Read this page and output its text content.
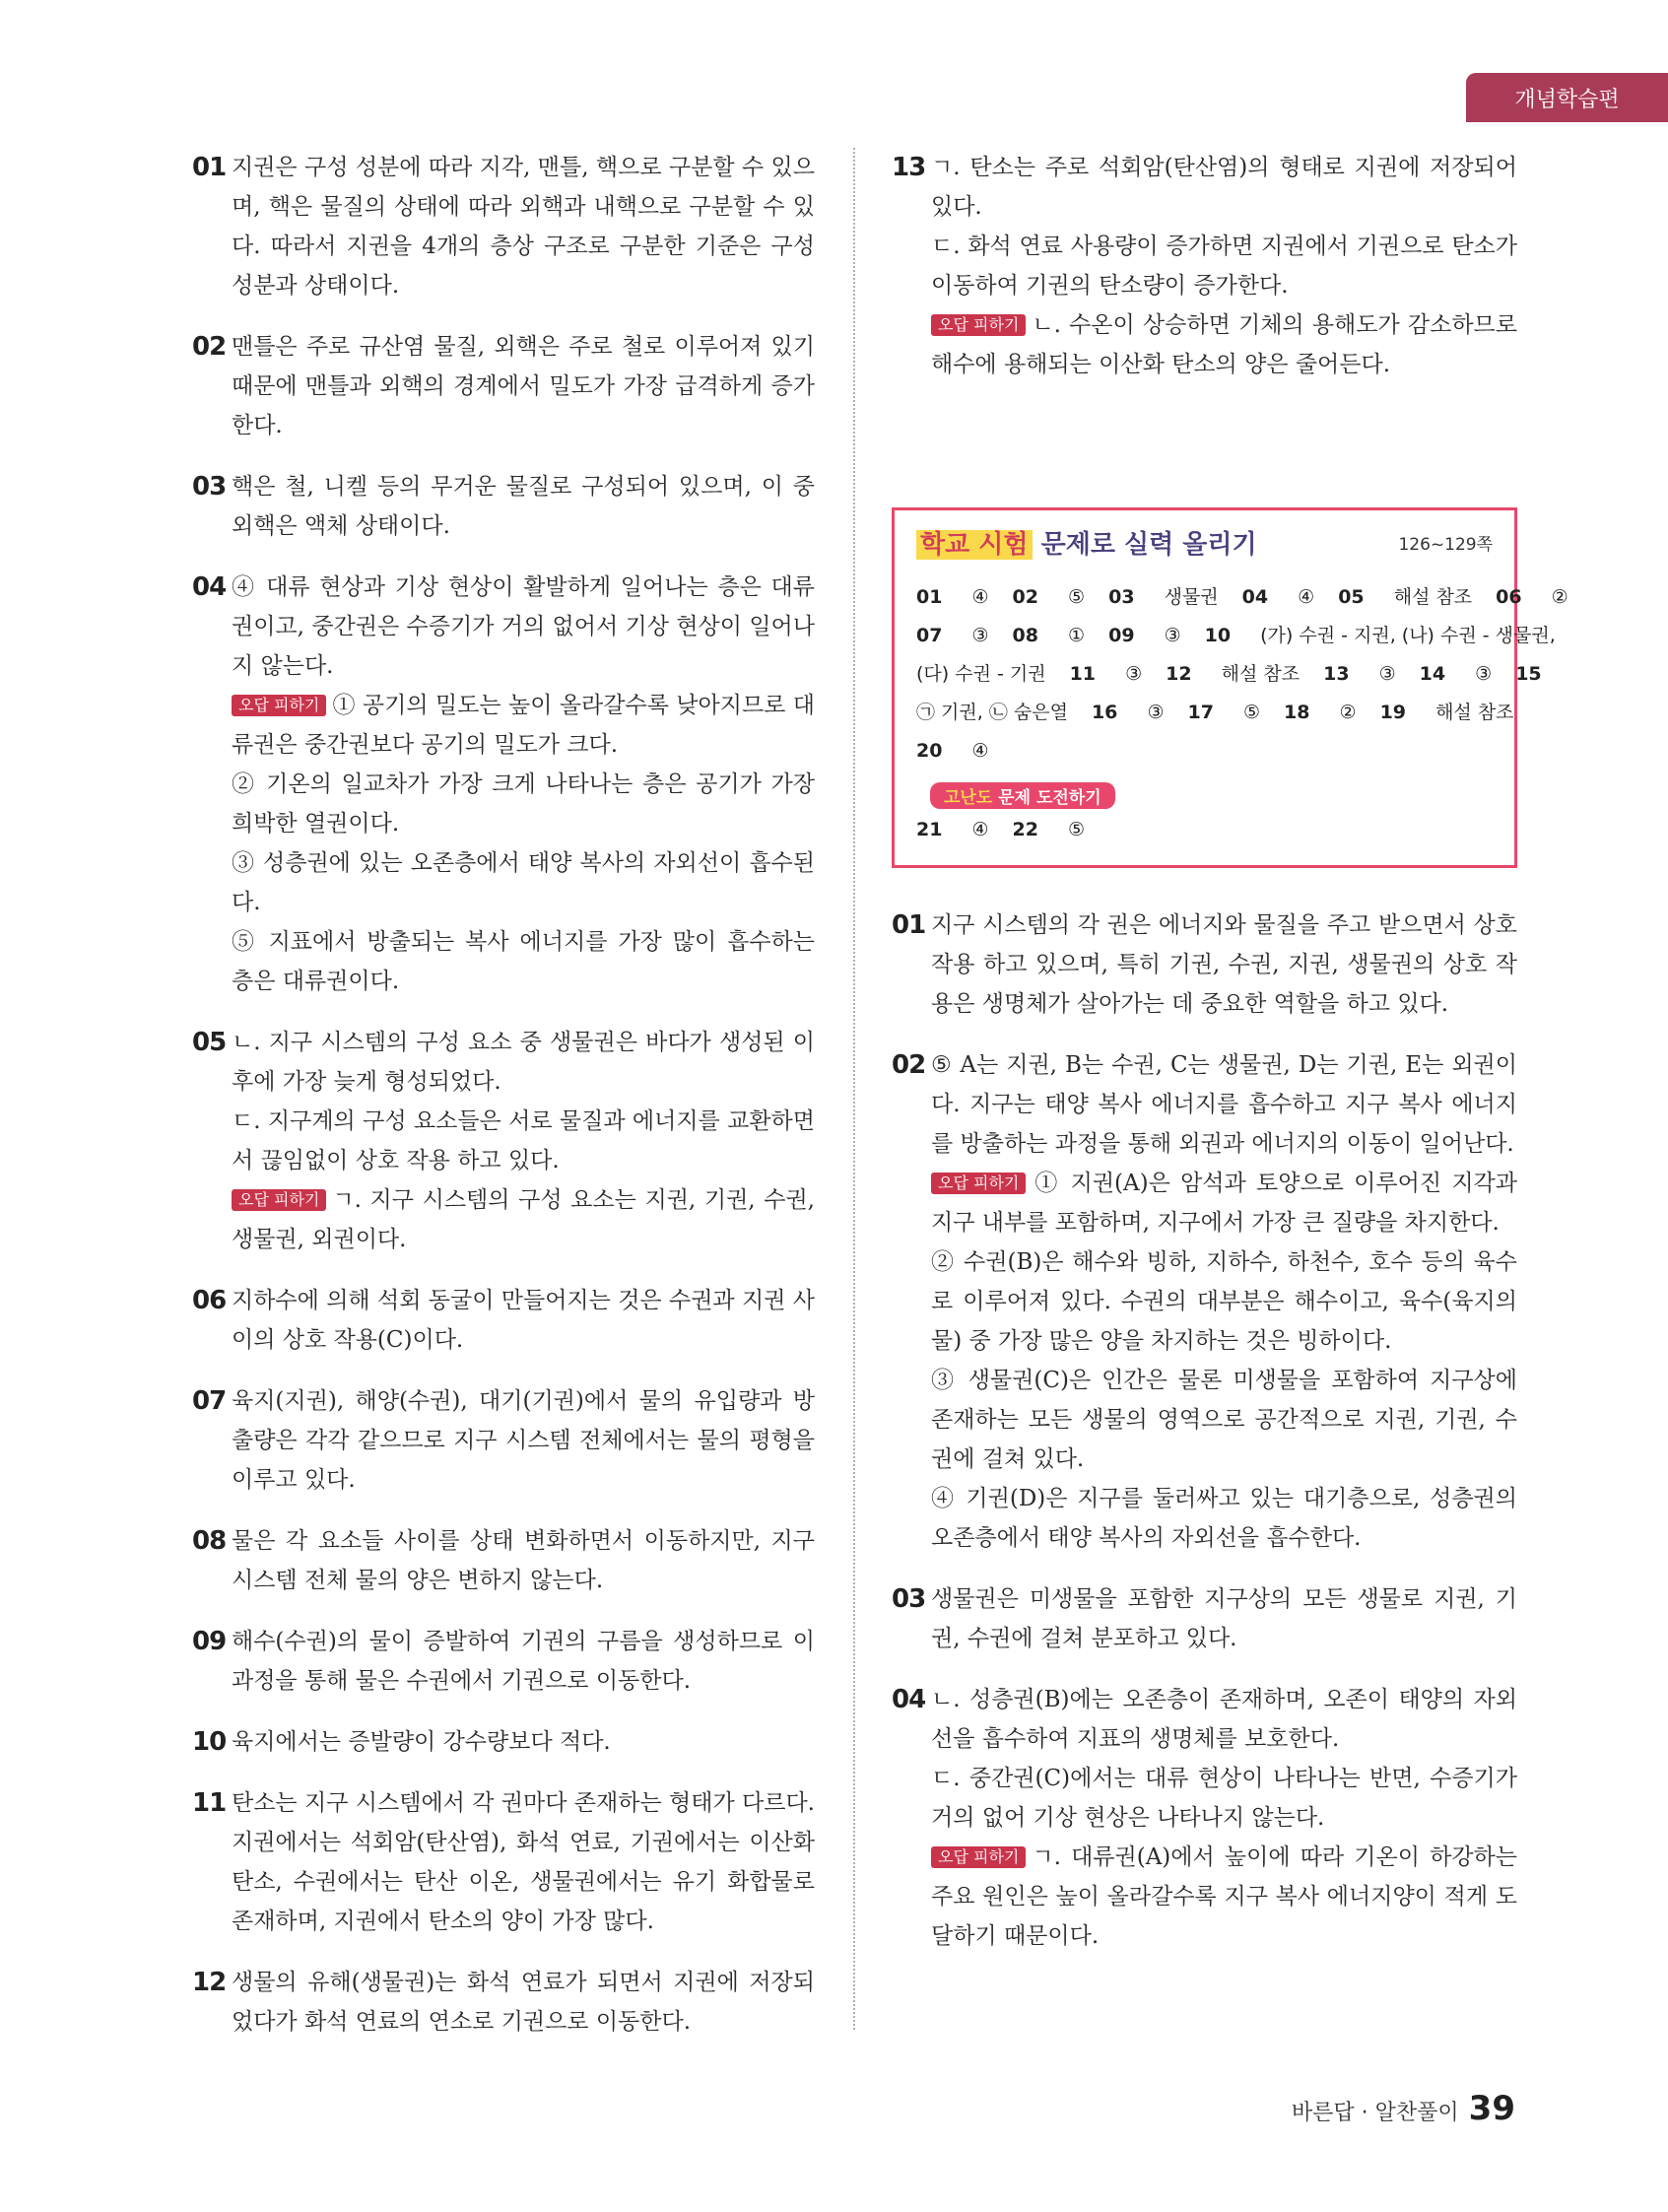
개념학습편
01 지권은 구성 성분에 따라 지각, 맨틀, 핵으로 구분할 수 있으며, 핵은 물질의 상태에 따라 외핵과 내핵으로 구분할 수 있다. 따라서 지권을 4개의 층상 구조로 구분한 기준은 구성 성분과 상태이다.

02 맨틀은 주로 규산염 물질, 외핵은 주로 철로 이루어져 있기 때문에 맨틀과 외핵의 경계에서 밀도가 가장 급격하게 증가한다.

03 핵은 철, 니켈 등의 무거운 물질로 구성되어 있으며, 이 중 외핵은 액체 상태이다.

04 ④ 대류 현상과 기상 현상이 활발하게 일어나는 층은 대류권이고, 중간권은 수증기가 거의 없어서 기상 현상이 일어나지 않는다.

오답 피하기 ① 공기의 밀도는 높이 올라갈수록 낮아지므로 대류권은 중간권보다 공기의 밀도가 크다.

② 기온의 일교차가 가장 크게 나타나는 층은 공기가 가장 희박한 열권이다.

③ 성층권에 있는 오존층에서 태양 복사의 자외선이 흡수된다.

⑤ 지표에서 방출되는 복사 에너지를 가장 많이 흡수하는 층은 대류권이다.

05 ㄴ. 지구 시스템의 구성 요소 중 생물권은 바다가 생성된 이후에 가장 늦게 형성되었다.

ㄷ. 지구계의 구성 요소들은 서로 물질과 에너지를 교환하면서 끊임없이 상호 작용 하고 있다.

오답 피하기 ㄱ. 지구 시스템의 구성 요소는 지권, 기권, 수권, 생물권, 외권이다.

06 지하수에 의해 석회 동굴이 만들어지는 것은 수권과 지권 사이의 상호 작용(C)이다.

07 육지(지권), 해양(수권), 대기(기권)에서 물의 유입량과 방출량은 각각 같으므로 지구 시스템 전체에서는 물의 평형을 이루고 있다.

08 물은 각 요소들 사이를 상태 변화하면서 이동하지만, 지구 시스템 전체 물의 양은 변하지 않는다.

09 해수(수권)의 물이 증발하여 기권의 구름을 생성하므로 이 과정을 통해 물은 수권에서 기권으로 이동한다.

10 육지에서는 증발량이 강수량보다 적다.

11 탄소는 지구 시스템에서 각 권마다 존재하는 형태가 다르다. 지권에서는 석회암(탄산염), 화석 연료, 기권에서는 이산화 탄소, 수권에서는 탄산 이온, 생물권에서는 유기 화합물로 존재하며, 지권에서 탄소의 양이 가장 많다.

12 생물의 유해(생물권)는 화석 연료가 되면서 지권에 저장되었다가 화석 연료의 연소로 기권으로 이동한다.

13 ㄱ. 탄소는 주로 석회암(탄산염)의 형태로 지권에 저장되어 있다.

ㄷ. 화석 연료 사용량이 증가하면 지권에서 기권으로 탄소가 이동하여 기권의 탄소량이 증가한다.

오답 피하기 ㄴ. 수온이 상승하면 기체의 용해도가 감소하므로 해수에 용해되는 이산화 탄소의 양은 줄어든다.

학교 시험 문제로 실력 올리기	126~129쪽
01 ④ 02 ⑤ 03 생물권 04 ④ 05 해설 참조 06 ②
07 ③ 08 ① 09 ③ 10 (가) 수권 - 지권, (나) 수권 - 생물권,
(다) 수권 - 기권 11 ③ 12 해설 참조 13 ③ 14 ③ 15
㉠ 기권, ㉡ 숨은열 16 ③ 17 ⑤ 18 ② 19 해설 참조
20 ④
고난도 문제 도전하기
21 ④ 22 ⑤
01 지구 시스템의 각 권은 에너지와 물질을 주고 받으면서 상호 작용 하고 있으며, 특히 기권, 수권, 지권, 생물권의 상호 작용은 생명체가 살아가는 데 중요한 역할을 하고 있다.

02 ⑤ A는 지권, B는 수권, C는 생물권, D는 기권, E는 외권이다. 지구는 태양 복사 에너지를 흡수하고 지구 복사 에너지를 방출하는 과정을 통해 외권과 에너지의 이동이 일어난다.

오답 피하기 ① 지권(A)은 암석과 토양으로 이루어진 지각과 지구 내부를 포함하며, 지구에서 가장 큰 질량을 차지한다.

② 수권(B)은 해수와 빙하, 지하수, 하천수, 호수 등의 육수로 이루어져 있다. 수권의 대부분은 해수이고, 육수(육지의 물) 중 가장 많은 양을 차지하는 것은 빙하이다.

③ 생물권(C)은 인간은 물론 미생물을 포함하여 지구상에 존재하는 모든 생물의 영역으로 공간적으로 지권, 기권, 수권에 걸쳐 있다.

④ 기권(D)은 지구를 둘러싸고 있는 대기층으로, 성층권의 오존층에서 태양 복사의 자외선을 흡수한다.

03 생물권은 미생물을 포함한 지구상의 모든 생물로 지권, 기권, 수권에 걸쳐 분포하고 있다.

04 ㄴ. 성층권(B)에는 오존층이 존재하며, 오존이 태양의 자외선을 흡수하여 지표의 생명체를 보호한다.

ㄷ. 중간권(C)에서는 대류 현상이 나타나는 반면, 수증기가 거의 없어 기상 현상은 나타나지 않는다.

오답 피하기 ㄱ. 대류권(A)에서 높이에 따라 기온이 하강하는 주요 원인은 높이 올라갈수록 지구 복사 에너지양이 적게 도달하기 때문이다.

바른답 · 알찬풀이 39
